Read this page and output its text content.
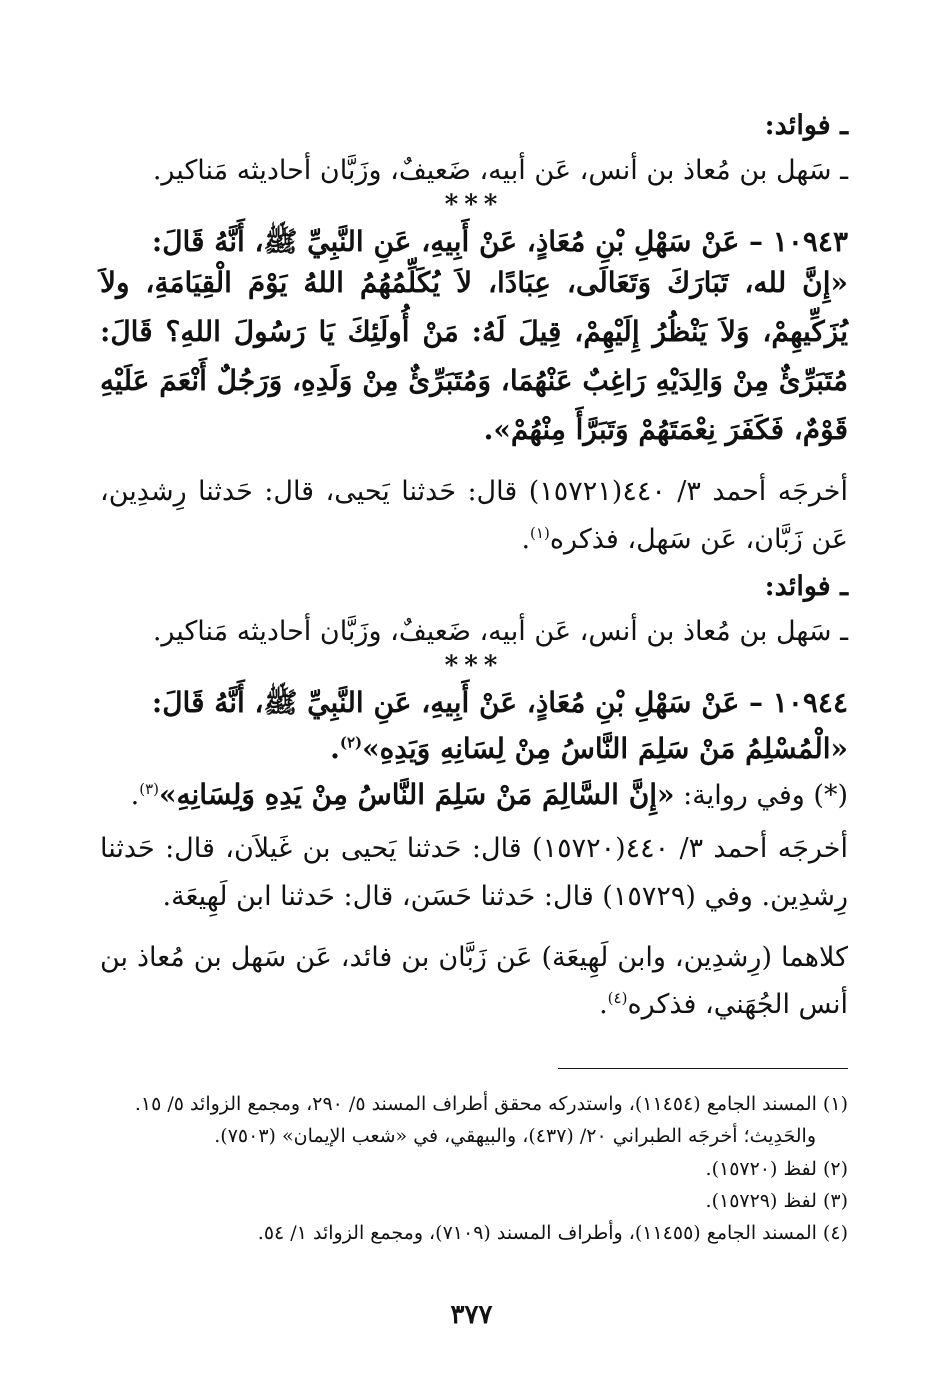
ـ فوائد:

ـ سَهل بن مُعاذ بن أنس، عَن أبيه، ضَعيفٌ، وزَبَّان أحاديثه مَناكير.

***

١٠٩٤٣ – عَنْ سَهْلِ بْنِ مُعَاذٍ، عَنْ أَبِيهِ، عَنِ النَّبِيِّ ﷺ، أَنَّهُ قَالَ:

«إِنَّ لله، تَبَارَكَ وَتَعَالَى، عِبَادًا، لاَ يُكَلِّمُهُمُ اللهُ يَوْمَ الْقِيَامَةِ، ولاَ يُزَكِّيهِمْ، وَلاَ يَنْظُرُ إِلَيْهِمْ، قِيلَ لَهُ: مَنْ أُولَئِكَ يَا رَسُولَ اللهِ؟ قَالَ: مُتَبَرِّئٌ مِنْ وَالِدَيْهِ رَاغِبٌ عَنْهُمَا، وَمُتَبَرِّئٌ مِنْ وَلَدِهِ، وَرَجُلٌ أَنْعَمَ عَلَيْهِ قَوْمٌ، فَكَفَرَ نِعْمَتَهُمْ وَتَبَرَّأَ مِنْهُمْ».

أخرجَه أحمد ٣/ ٤٤٠(١٥٧٢١) قال: حَدثنا يَحيى، قال: حَدثنا رِشدِين، عَن زَبَّان، عَن سَهل، فذكره$^{(١)}$.

ـ فوائد:

ـ سَهل بن مُعاذ بن أنس، عَن أبيه، ضَعيفٌ، وزَبَّان أحاديثه مَناكير.

***

١٠٩٤٤ – عَنْ سَهْلِ بْنِ مُعَاذٍ، عَنْ أَبِيهِ، عَنِ النَّبِيِّ ﷺ، أَنَّهُ قَالَ:

«الْمُسْلِمُ مَنْ سَلِمَ النَّاسُ مِنْ لِسَانِهِ وَيَدِهِ»$^{(٢)}$.

(*) وفي رواية: «إِنَّ السَّالِمَ مَنْ سَلِمَ النَّاسُ مِنْ يَدِهِ وَلِسَانِهِ»$^{(٣)}$.

أخرجَه أحمد ٣/ ٤٤٠(١٥٧٢٠) قال: حَدثنا يَحيى بن غَيلاَن، قال: حَدثنا رِشدِين. وفي (١٥٧٢٩) قال: حَدثنا حَسَن، قال: حَدثنا ابن لَهِيعَة.

كلاهما (رِشدِين، وابن لَهِيعَة) عَن زَبَّان بن فائد، عَن سَهل بن مُعاذ بن أنس الجُهَني، فذكره$^{(٤)}$.

(١) المسند الجامع (١١٤٥٤)، واستدركه محقق أطراف المسند ٥/ ٢٩٠، ومجمع الزوائد ٥/ ١٥.

والحَدِيث؛ أخرجَه الطبراني ٢٠/ (٤٣٧)، والبيهقي، في «شعب الإيمان» (٧٥٠٣).

(٢) لفظ (١٥٧٢٠).

(٣) لفظ (١٥٧٢٩).

(٤) المسند الجامع (١١٤٥٥)، وأطراف المسند (٧١٠٩)، ومجمع الزوائد ١/ ٥٤.

٣٧٧
